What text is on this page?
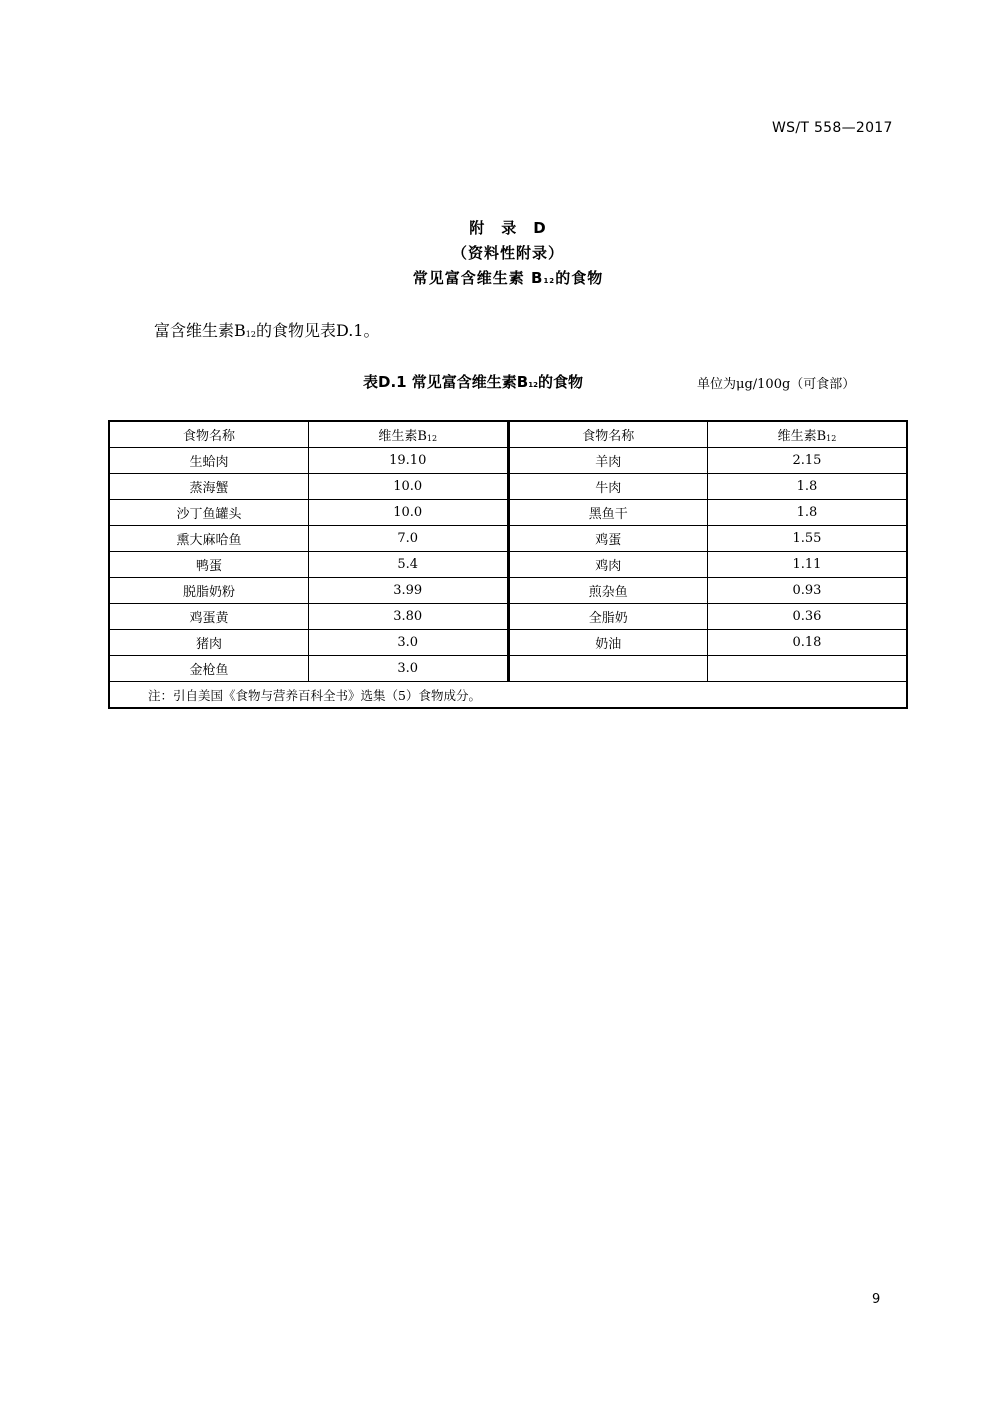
WS/T 558—2017
附　录　D
（资料性附录）
常见富含维生素 B12的食物
富含维生素$B_{12}$的食物见表D.1。
表D.1 常见富含维生素B12的食物	单位为μg/100g（可食部）
食物名称	维生素$B_{12}$	食物名称	维生素$B_{12}$
生蛤肉	19.10	羊肉	2.15
蒸海蟹	10.0	牛肉	1.8
沙丁鱼罐头	10.0	黑鱼干	1.8
熏大麻哈鱼	7.0	鸡蛋	1.55
鸭蛋	5.4	鸡肉	1.11
脱脂奶粉	3.99	煎杂鱼	0.93
鸡蛋黄	3.80	全脂奶	0.36
猪肉	3.0	奶油	0.18
金枪鱼	3.0		
注：引自美国《食物与营养百科全书》选集（5）食物成分。			
9
